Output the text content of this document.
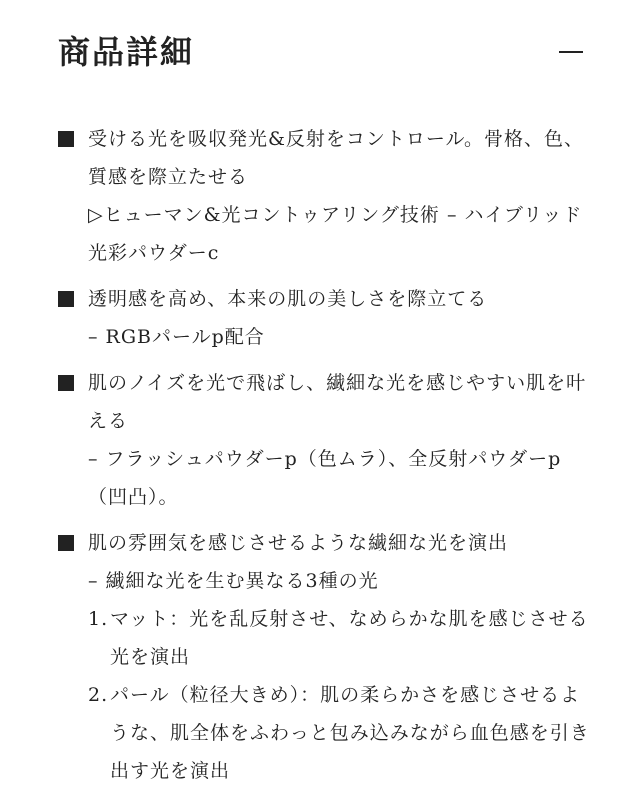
商品詳細
受ける光を吸収発光&反射をコントロール。骨格、色、質感を際立たせる
▷ヒューマン&光コントゥアリング技術 – ハイブリッド光彩パウダーc
透明感を高め、本来の肌の美しさを際立てる
– RGBパールp配合
肌のノイズを光で飛ばし、繊細な光を感じやすい肌を叶える
– フラッシュパウダーp（色ムラ）、全反射パウダーp（凹凸）。
肌の雰囲気を感じさせるような繊細な光を演出
– 繊細な光を生む異なる3種の光
1. マット：光を乱反射させ、なめらかな肌を感じさせる光を演出
2. パール（粒径大きめ）：肌の柔らかさを感じさせるような、肌全体をふわっと包み込みながら血色感を引き出す光を演出
